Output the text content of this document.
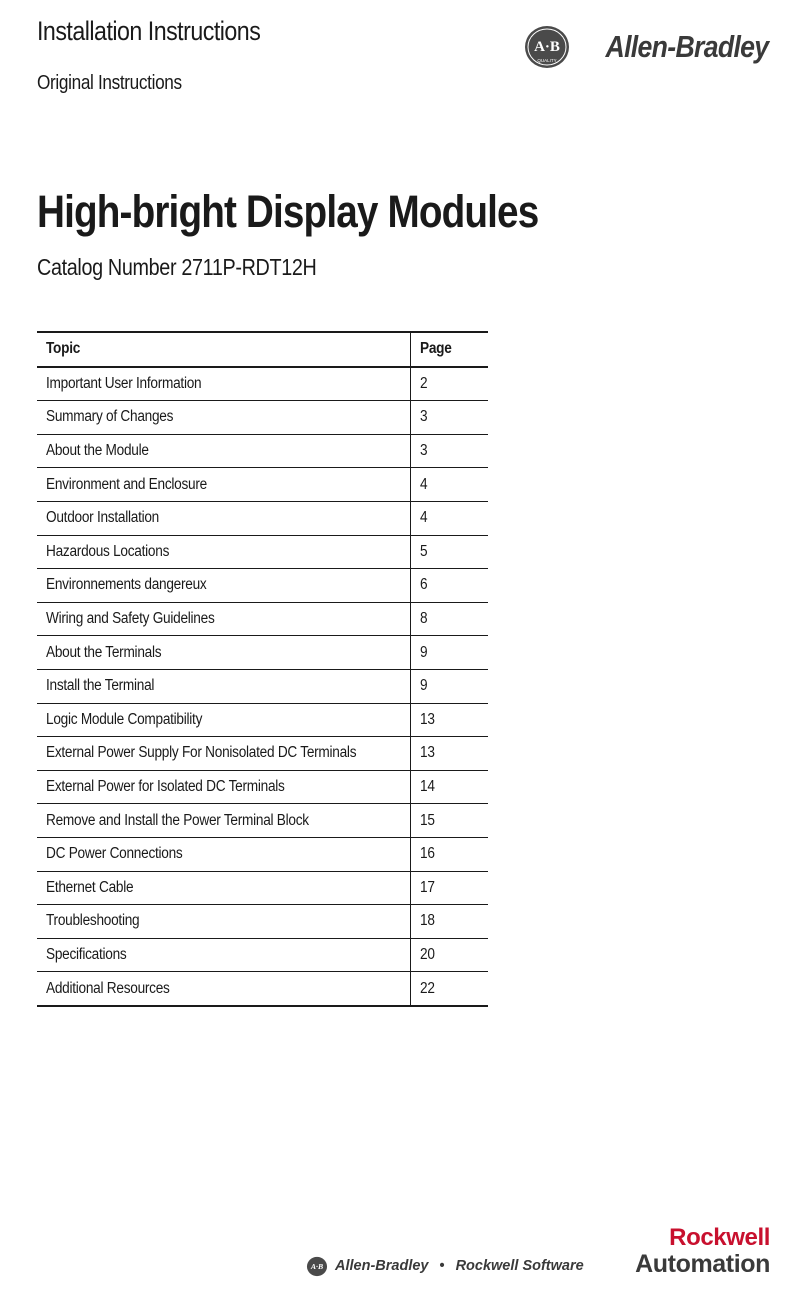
Installation Instructions
Original Instructions
A·B
QUALITY Allen-Bradley
High-bright Display Modules
Catalog Number 2711P-RDT12H
Topic	Page
Important User Information	2
Summary of Changes	3
About the Module	3
Environment and Enclosure	4
Outdoor Installation	4
Hazardous Locations	5
Environnements dangereux	6
Wiring and Safety Guidelines	8
About the Terminals	9
Install the Terminal	9
Logic Module Compatibility	13
External Power Supply For Nonisolated DC Terminals	13
External Power for Isolated DC Terminals	14
Remove and Install the Power Terminal Block	15
DC Power Connections	16
Ethernet Cable	17
Troubleshooting	18
Specifications	20
Additional Resources	22
A·B Allen-Bradley • Rockwell Software
Rockwell
Automation
